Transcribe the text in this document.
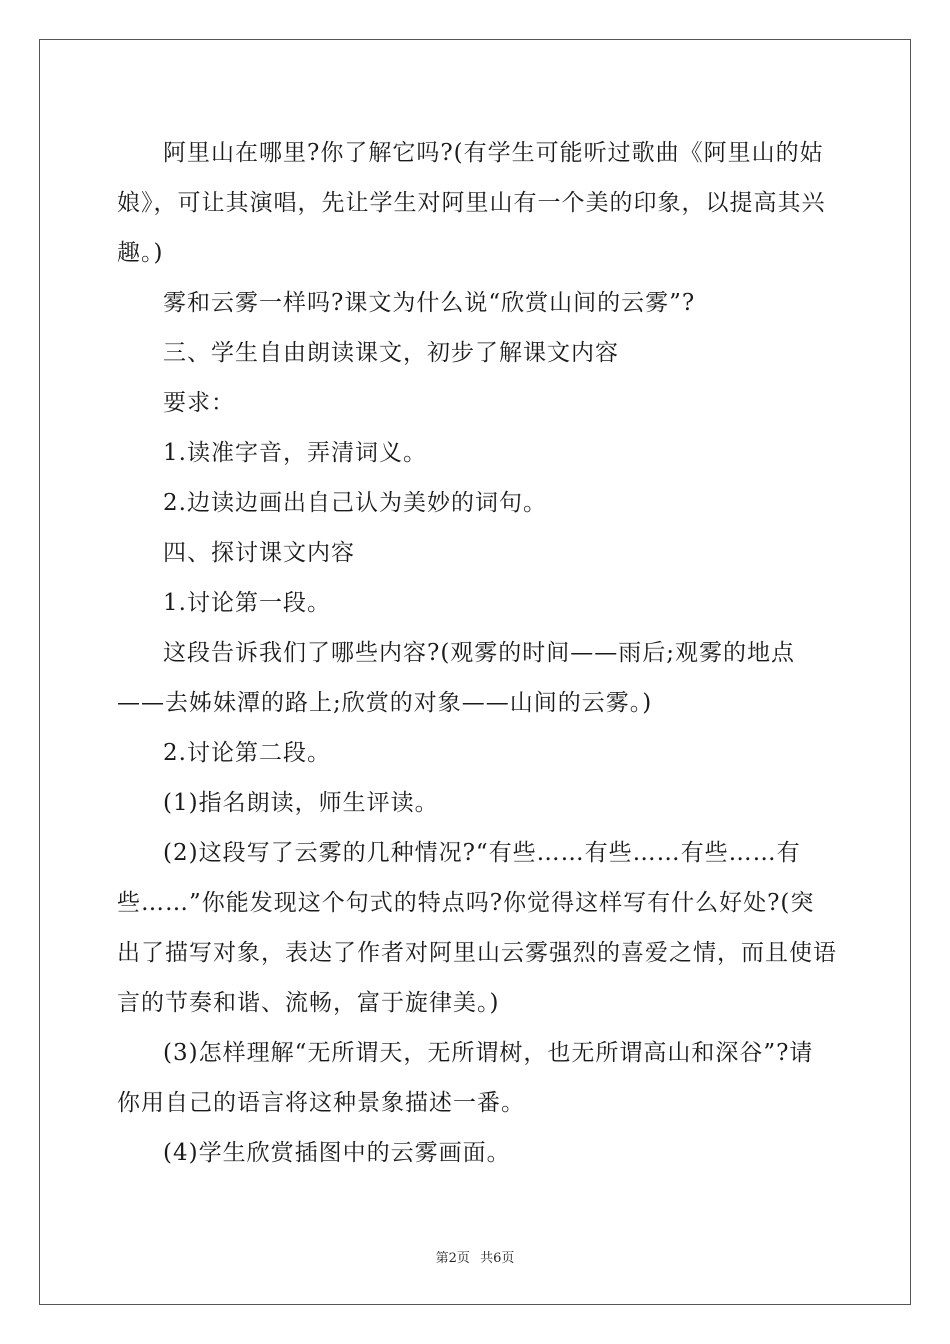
阿里山在哪里?你了解它吗?(有学生可能听过歌曲《阿里山的姑娘》，可让其演唱，先让学生对阿里山有一个美的印象，以提高其兴趣。)

雾和云雾一样吗?课文为什么说“欣赏山间的云雾”?

三、学生自由朗读课文，初步了解课文内容

要求：

1.读准字音，弄清词义。

2.边读边画出自己认为美妙的词句。

四、探讨课文内容

1.讨论第一段。

这段告诉我们了哪些内容?(观雾的时间——雨后;观雾的地点——去姊妹潭的路上;欣赏的对象——山间的云雾。)

2.讨论第二段。

(1)指名朗读，师生评读。

(2)这段写了云雾的几种情况?“有些……有些……有些……有些……”你能发现这个句式的特点吗?你觉得这样写有什么好处?(突出了描写对象，表达了作者对阿里山云雾强烈的喜爱之情，而且使语言的节奏和谐、流畅，富于旋律美。)

(3)怎样理解“无所谓天，无所谓树，也无所谓高山和深谷”?请你用自己的语言将这种景象描述一番。

(4)学生欣赏插图中的云雾画面。

第2页 共6页
